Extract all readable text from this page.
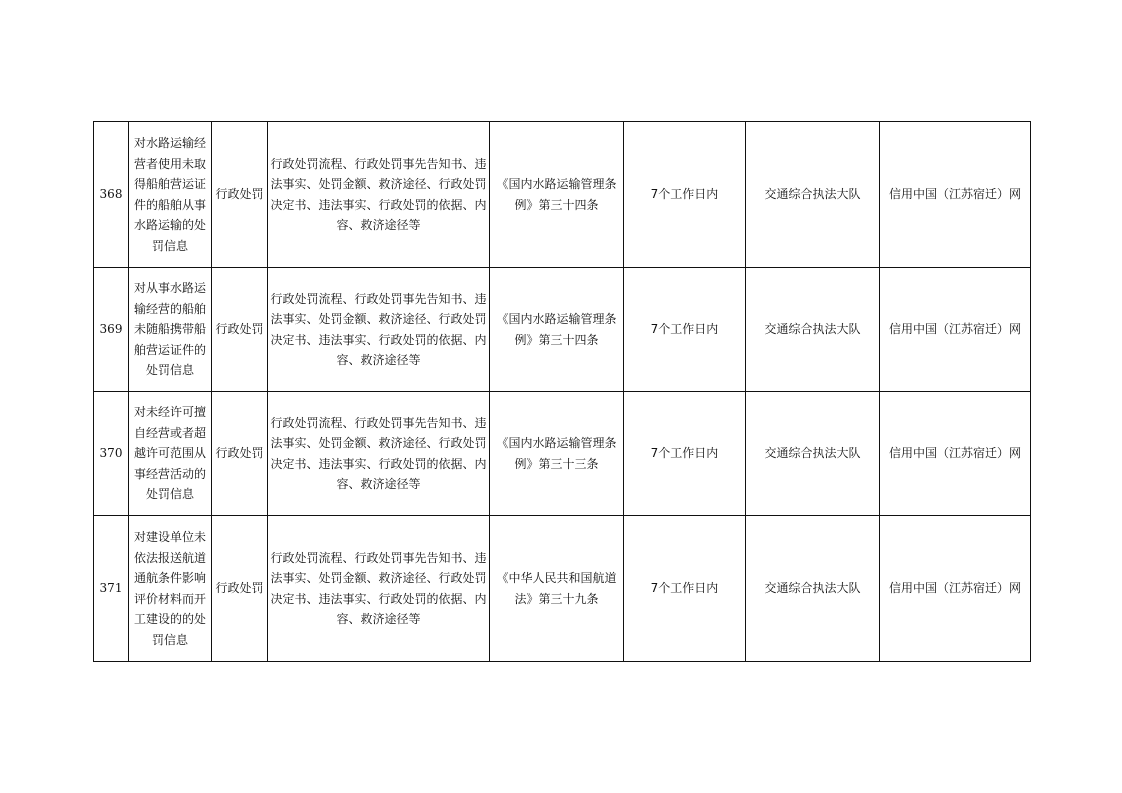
368	对水路运输经营者使用未取得船舶营运证件的船舶从事水路运输的处罚信息	行政处罚	行政处罚流程、行政处罚事先告知书、违法事实、处罚金额、救济途径、行政处罚决定书、违法事实、行政处罚的依据、内容、救济途径等	《国内水路运输管理条例》第三十四条	7个工作日内	交通综合执法大队	信用中国（江苏宿迁）网
369	对从事水路运输经营的船舶未随船携带船舶营运证件的处罚信息	行政处罚	行政处罚流程、行政处罚事先告知书、违法事实、处罚金额、救济途径、行政处罚决定书、违法事实、行政处罚的依据、内容、救济途径等	《国内水路运输管理条例》第三十四条	7个工作日内	交通综合执法大队	信用中国（江苏宿迁）网
370	对未经许可擅自经营或者超越许可范围从事经营活动的处罚信息	行政处罚	行政处罚流程、行政处罚事先告知书、违法事实、处罚金额、救济途径、行政处罚决定书、违法事实、行政处罚的依据、内容、救济途径等	《国内水路运输管理条例》第三十三条	7个工作日内	交通综合执法大队	信用中国（江苏宿迁）网
371	对建设单位未依法报送航道通航条件影响评价材料而开工建设的的处罚信息	行政处罚	行政处罚流程、行政处罚事先告知书、违法事实、处罚金额、救济途径、行政处罚决定书、违法事实、行政处罚的依据、内容、救济途径等	《中华人民共和国航道法》第三十九条	7个工作日内	交通综合执法大队	信用中国（江苏宿迁）网
